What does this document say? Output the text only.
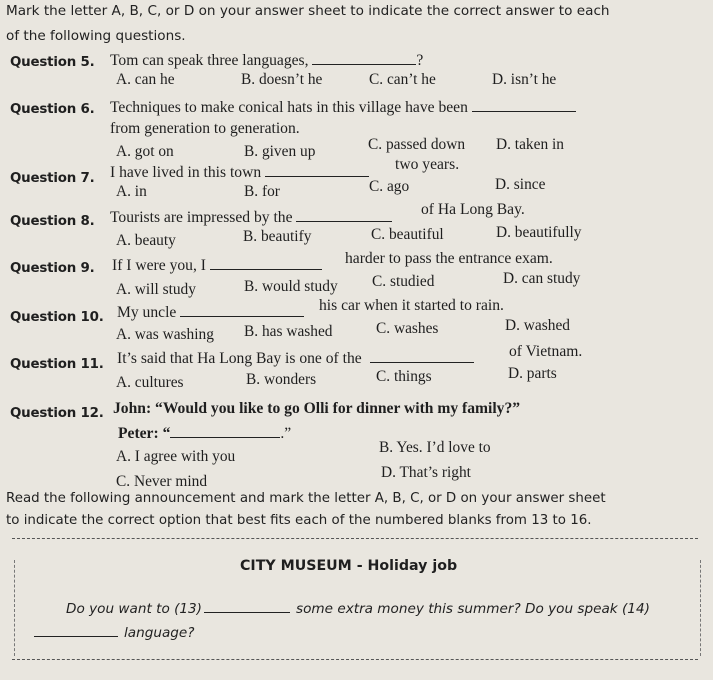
Mark the letter A, B, C, or D on your answer sheet to indicate the correct answer to each
of the following questions.
Question 5. Tom can speak three languages,	?
A. can he	B. doesn’t he	C. can’t he	D. isn’t he
Question 6. Techniques to make conical hats in this village have been
from generation to generation.
A. got on	B. given up	C. passed down D. taken in
Question 7. I have lived in this town	two years.
A. in	B. for	C. ago	D. since
Question 8. Tourists are impressed by the	of Ha Long Bay.
A. beauty	B. beautify	C. beautiful	D. beautifully
Question 9. If I were you, I	harder to pass the entrance exam.
A. will study	B. would study C. studied	D. can study
Question 10. My uncle	his car when it started to rain.
A. was washing B. has washed	C. washes	D. washed
Question 11. It’s said that Ha Long Bay is one of the	of Vietnam.
A. cultures	B. wonders	C. things	D. parts
Question 12. John: “Would you like to go Olli for dinner with my family?”
Peter: “	.”
A. I agree with you
B. Yes. I’d love to
C. Never mind
D. That’s right
Read the following announcement and mark the letter A, B, C, or D on your answer sheet
to indicate the correct option that best fits each of the numbered blanks from 13 to 16.
CITY MUSEUM - Holiday job
Do you want to (13)	some extra money this summer? Do you speak (14)
language?
